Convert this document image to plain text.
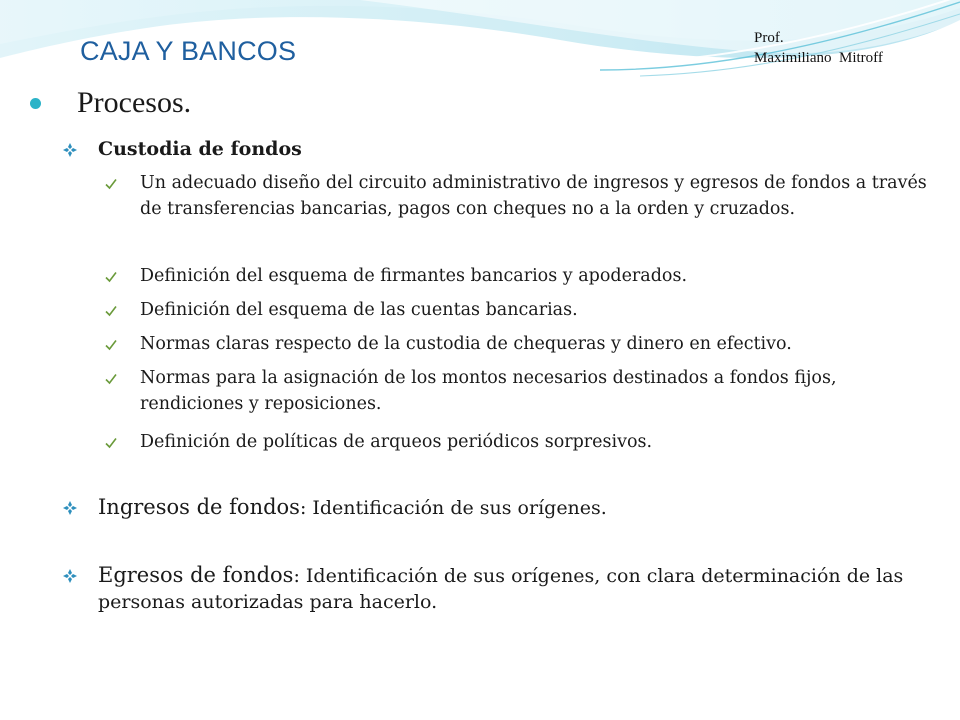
CAJA Y BANCOS	Prof.
Maximiliano  Mitroff
Procesos.
Custodia de fondos
Un adecuado diseño del circuito administrativo de ingresos y egresos de fondos a través de transferencias bancarias, pagos con cheques no a la orden y cruzados.
Definición del esquema de firmantes bancarios y apoderados.
Definición del esquema de las cuentas bancarias.
Normas claras respecto de la custodia de chequeras y dinero en efectivo.
Normas para la asignación de los montos necesarios destinados a fondos fijos, rendiciones y reposiciones.
Definición de políticas de arqueos periódicos sorpresivos.
Ingresos de fondos: Identificación de sus orígenes.
Egresos de fondos: Identificación de sus orígenes, con clara determinación de las personas autorizadas para hacerlo.
